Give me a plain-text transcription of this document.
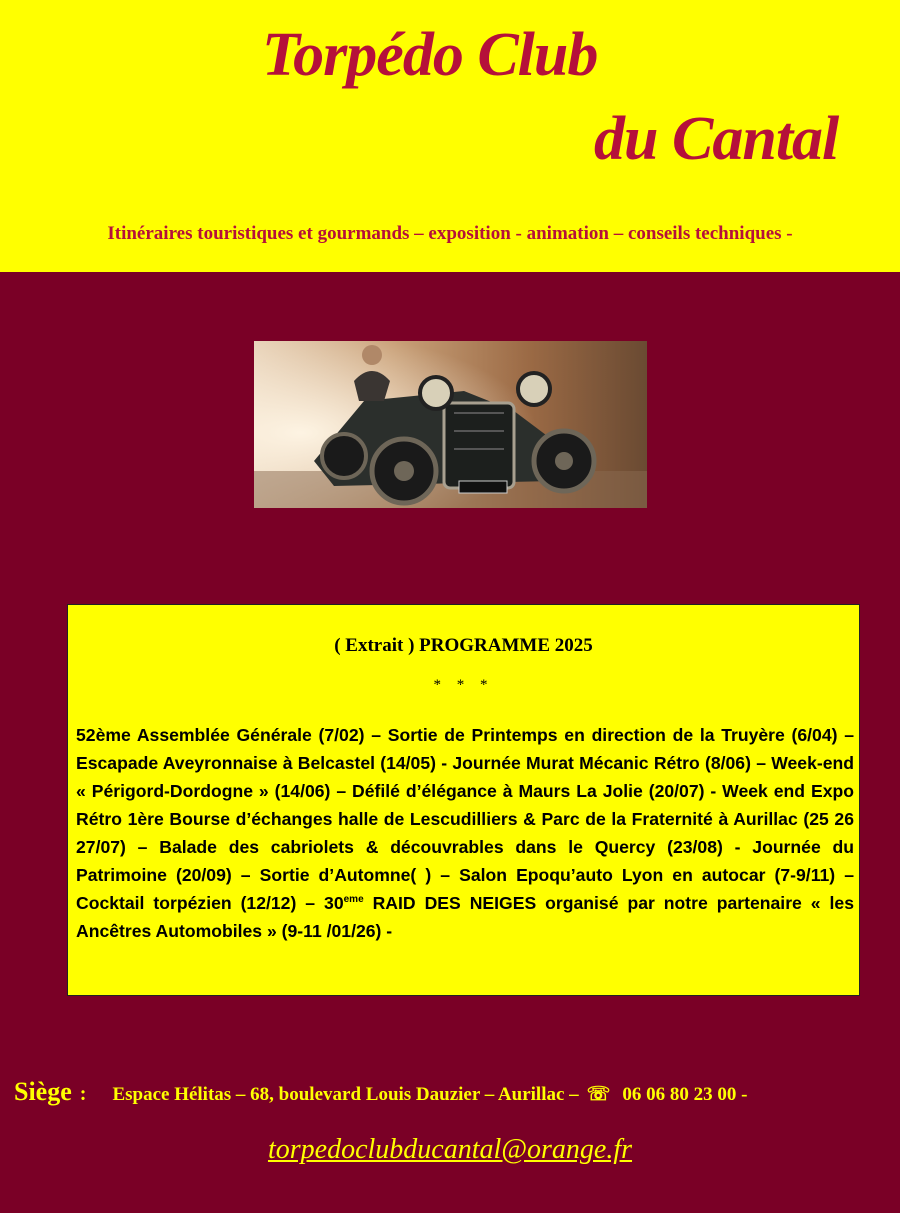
Torpédo Club
du Cantal
Itinéraires touristiques et gourmands – exposition - animation – conseils techniques -
( Extrait ) PROGRAMME 2025
* * *
52ème Assemblée Générale (7/02) – Sortie de Printemps en direction de la Truyère (6/04) – Escapade Aveyronnaise à Belcastel (14/05) - Journée Murat Mécanic Rétro (8/06) – Week-end « Périgord-Dordogne » (14/06) – Défilé d’élégance à Maurs La Jolie (20/07) - Week end Expo Rétro 1ère Bourse d’échanges halle de Lescudilliers & Parc de la Fraternité à Aurillac (25 26 27/07) – Balade des cabriolets & découvrables dans le Quercy (23/08) - Journée du Patrimoine (20/09) – Sortie d’Automne( ) – Salon Epoqu’auto Lyon en autocar (7-9/11) – Cocktail torpézien (12/12) – 30eme RAID DES NEIGES organisé par notre partenaire « les Ancêtres Automobiles » (9-11 /01/26) -
Siège : Espace Hélitas – 68, boulevard Louis Dauzier – Aurillac – ☏ 06 06 80 23 00 -
torpedoclubducantal@orange.fr
